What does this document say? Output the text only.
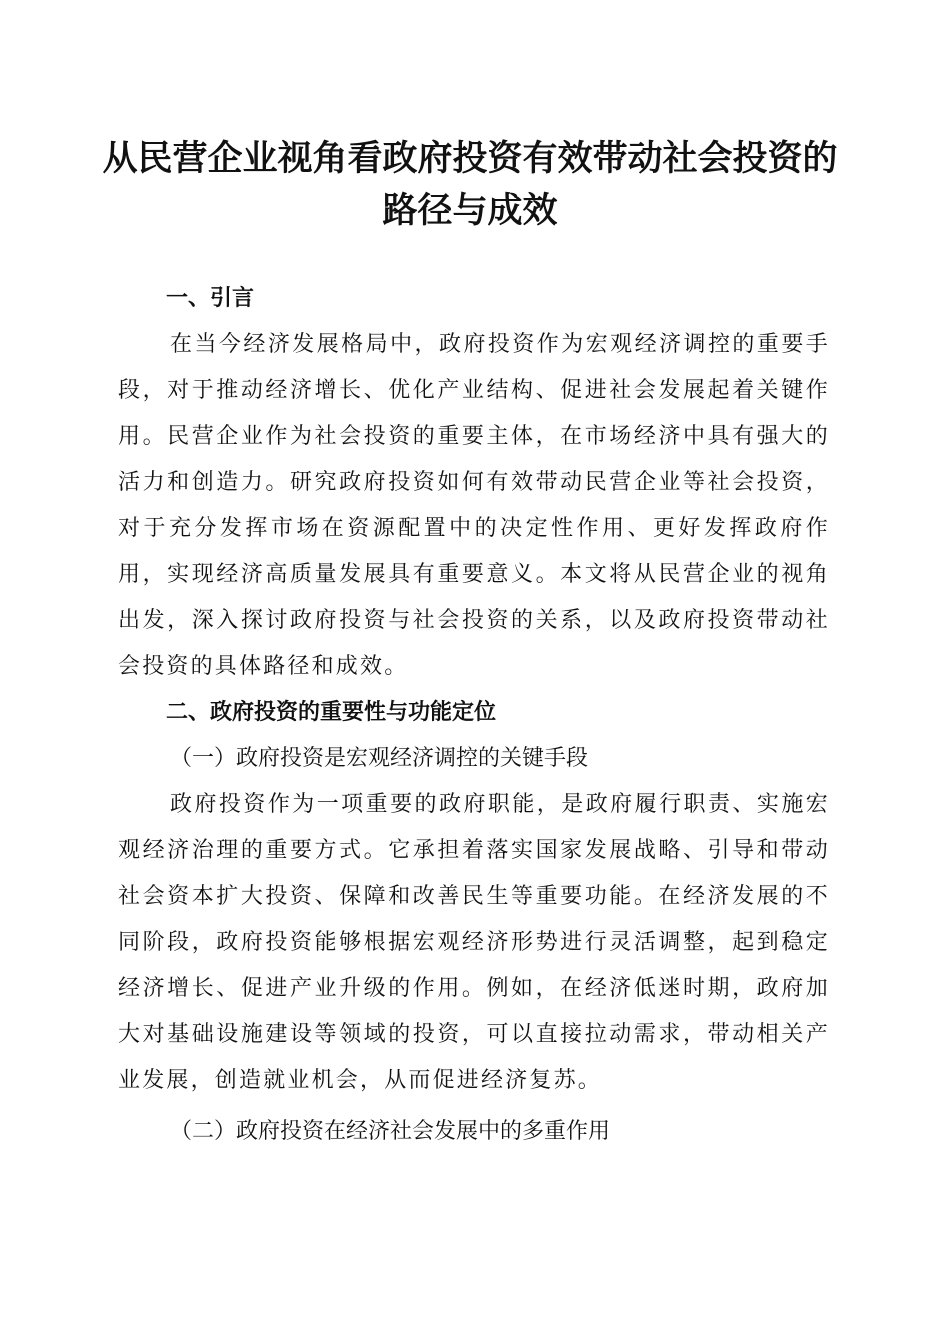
从民营企业视角看政府投资有效带动社会投资的路径与成效

一、引言

在当今经济发展格局中，政府投资作为宏观经济调控的重要手段，对于推动经济增长、优化产业结构、促进社会发展起着关键作用。民营企业作为社会投资的重要主体，在市场经济中具有强大的活力和创造力。研究政府投资如何有效带动民营企业等社会投资，对于充分发挥市场在资源配置中的决定性作用、更好发挥政府作用，实现经济高质量发展具有重要意义。本文将从民营企业的视角出发，深入探讨政府投资与社会投资的关系，以及政府投资带动社会投资的具体路径和成效。

二、政府投资的重要性与功能定位

（一）政府投资是宏观经济调控的关键手段

政府投资作为一项重要的政府职能，是政府履行职责、实施宏观经济治理的重要方式。它承担着落实国家发展战略、引导和带动社会资本扩大投资、保障和改善民生等重要功能。在经济发展的不同阶段，政府投资能够根据宏观经济形势进行灵活调整，起到稳定经济增长、促进产业升级的作用。例如，在经济低迷时期，政府加大对基础设施建设等领域的投资，可以直接拉动需求，带动相关产业发展，创造就业机会，从而促进经济复苏。

（二）政府投资在经济社会发展中的多重作用
